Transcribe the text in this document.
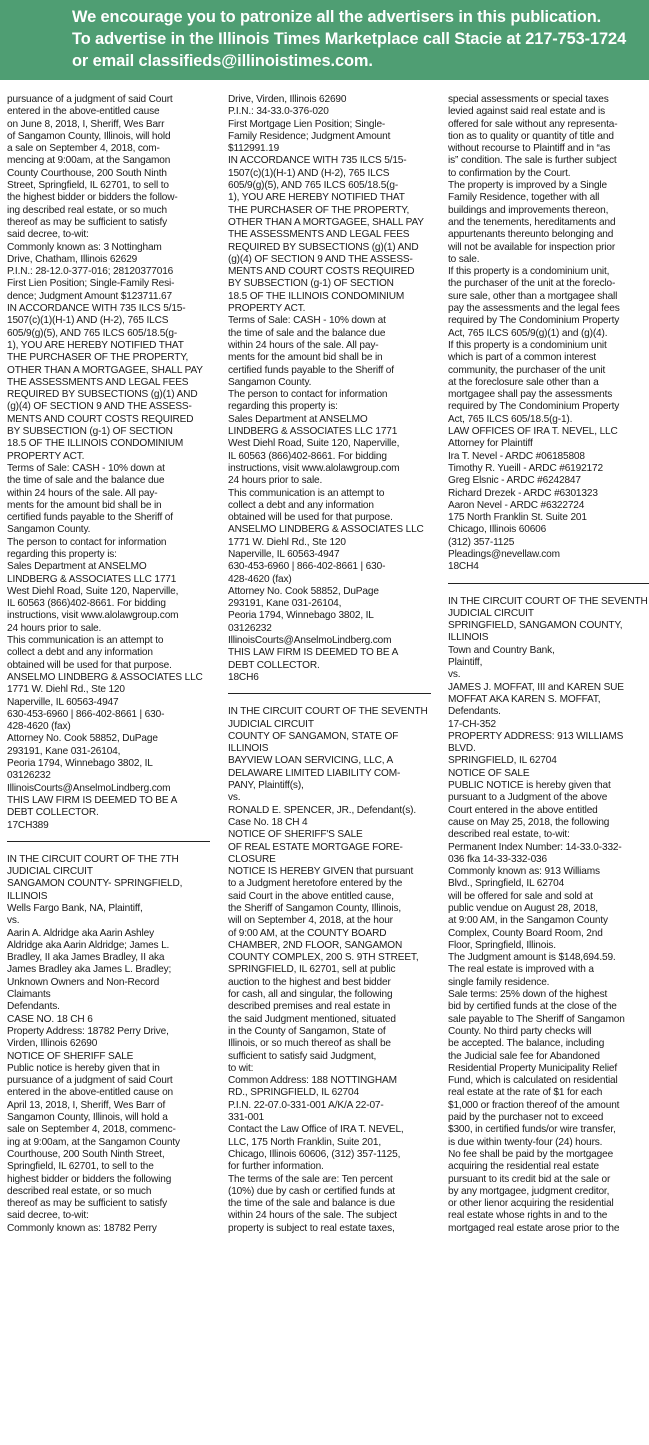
We encourage you to patronize all the advertisers in this publication.
To advertise in the Illinois Times Marketplace call Stacie at 217-753-1724
or email classifieds@illinoistimes.com.
pursuance of a judgment of said Court
entered in the above-entitled cause
on June 8, 2018, I, Sheriff, Wes Barr
of Sangamon County, Illinois, will hold
a sale on September 4, 2018, com-
mencing at 9:00am, at the Sangamon
County Courthouse, 200 South Ninth
Street, Springfield, IL 62701, to sell to
the highest bidder or bidders the follow-
ing described real estate, or so much
thereof as may be sufficient to satisfy
said decree, to-wit:
Commonly known as: 3 Nottingham
Drive, Chatham, Illinois 62629
P.I.N.: 28-12.0-377-016; 28120377016
First Lien Position; Single-Family Resi-
dence; Judgment Amount $123711.67
IN ACCORDANCE WITH 735 ILCS 5/15-
1507(c)(1)(H-1) AND (H-2), 765 ILCS
605/9(g)(5), AND 765 ILCS 605/18.5(g-
1), YOU ARE HEREBY NOTIFIED THAT
THE PURCHASER OF THE PROPERTY,
OTHER THAN A MORTGAGEE, SHALL PAY
THE ASSESSMENTS AND LEGAL FEES
REQUIRED BY SUBSECTIONS (g)(1) AND
(g)(4) OF SECTION 9 AND THE ASSESS-
MENTS AND COURT COSTS REQUIRED
BY SUBSECTION (g-1) OF SECTION
18.5 OF THE ILLINOIS CONDOMINIUM
PROPERTY ACT.
Terms of Sale: CASH - 10% down at
the time of sale and the balance due
within 24 hours of the sale. All pay-
ments for the amount bid shall be in
certified funds payable to the Sheriff of
Sangamon County.
The person to contact for information
regarding this property is:
Sales Department at ANSELMO
LINDBERG & ASSOCIATES LLC 1771
West Diehl Road, Suite 120, Naperville,
IL 60563 (866)402-8661. For bidding
instructions, visit www.alolawgroup.com
24 hours prior to sale.
This communication is an attempt to
collect a debt and any information
obtained will be used for that purpose.
ANSELMO LINDBERG & ASSOCIATES LLC
1771 W. Diehl Rd., Ste 120
Naperville, IL 60563-4947
630-453-6960 | 866-402-8661 | 630-
428-4620 (fax)
Attorney No. Cook 58852, DuPage
293191, Kane 031-26104,
Peoria 1794, Winnebago 3802, IL
03126232
IllinoisCourts@AnselmoLindberg.com
THIS LAW FIRM IS DEEMED TO BE A
DEBT COLLECTOR.
17CH389
IN THE CIRCUIT COURT OF THE 7TH
JUDICIAL CIRCUIT
SANGAMON COUNTY- SPRINGFIELD,
ILLINOIS
Wells Fargo Bank, NA, Plaintiff,
vs.
Aarin A. Aldridge aka Aarin Ashley
Aldridge aka Aarin Aldridge; James L.
Bradley, II aka James Bradley, II aka
James Bradley aka James L. Bradley;
Unknown Owners and Non-Record
Claimants
Defendants.
CASE NO. 18 CH 6
Property Address: 18782 Perry Drive,
Virden, Illinois 62690
NOTICE OF SHERIFF SALE
Public notice is hereby given that in
pursuance of a judgment of said Court
entered in the above-entitled cause on
April 13, 2018, I, Sheriff, Wes Barr of
Sangamon County, Illinois, will hold a
sale on September 4, 2018, commenc-
ing at 9:00am, at the Sangamon County
Courthouse, 200 South Ninth Street,
Springfield, IL 62701, to sell to the
highest bidder or bidders the following
described real estate, or so much
thereof as may be sufficient to satisfy
said decree, to-wit:
Commonly known as: 18782 Perry
Drive, Virden, Illinois 62690
P.I.N.: 34-33.0-376-020
First Mortgage Lien Position; Single-
Family Residence; Judgment Amount
$112991.19
IN ACCORDANCE WITH 735 ILCS 5/15-
1507(c)(1)(H-1) AND (H-2), 765 ILCS
605/9(g)(5), AND 765 ILCS 605/18.5(g-
1), YOU ARE HEREBY NOTIFIED THAT
THE PURCHASER OF THE PROPERTY,
OTHER THAN A MORTGAGEE, SHALL PAY
THE ASSESSMENTS AND LEGAL FEES
REQUIRED BY SUBSECTIONS (g)(1) AND
(g)(4) OF SECTION 9 AND THE ASSESS-
MENTS AND COURT COSTS REQUIRED
BY SUBSECTION (g-1) OF SECTION
18.5 OF THE ILLINOIS CONDOMINIUM
PROPERTY ACT.
Terms of Sale: CASH - 10% down at
the time of sale and the balance due
within 24 hours of the sale. All pay-
ments for the amount bid shall be in
certified funds payable to the Sheriff of
Sangamon County.
The person to contact for information
regarding this property is:
Sales Department at ANSELMO
LINDBERG & ASSOCIATES LLC 1771
West Diehl Road, Suite 120, Naperville,
IL 60563 (866)402-8661. For bidding
instructions, visit www.alolawgroup.com
24 hours prior to sale.
This communication is an attempt to
collect a debt and any information
obtained will be used for that purpose.
ANSELMO LINDBERG & ASSOCIATES LLC
1771 W. Diehl Rd., Ste 120
Naperville, IL 60563-4947
630-453-6960 | 866-402-8661 | 630-
428-4620 (fax)
Attorney No. Cook 58852, DuPage
293191, Kane 031-26104,
Peoria 1794, Winnebago 3802, IL
03126232
IllinoisCourts@AnselmoLindberg.com
THIS LAW FIRM IS DEEMED TO BE A
DEBT COLLECTOR.
18CH6
IN THE CIRCUIT COURT OF THE SEVENTH
JUDICIAL CIRCUIT
COUNTY OF SANGAMON, STATE OF
ILLINOIS
BAYVIEW LOAN SERVICING, LLC, A
DELAWARE LIMITED LIABILITY COM-
PANY, Plaintiff(s),
vs.
RONALD E. SPENCER, JR., Defendant(s).
Case No. 18 CH 4
NOTICE OF SHERIFF'S SALE
OF REAL ESTATE MORTGAGE FORE-
CLOSURE
NOTICE IS HEREBY GIVEN that pursuant
to a Judgment heretofore entered by the
said Court in the above entitled cause,
the Sheriff of Sangamon County, Illinois,
will on September 4, 2018, at the hour
of 9:00 AM, at the COUNTY BOARD
CHAMBER, 2ND FLOOR, SANGAMON
COUNTY COMPLEX, 200 S. 9TH STREET,
SPRINGFIELD, IL 62701, sell at public
auction to the highest and best bidder
for cash, all and singular, the following
described premises and real estate in
the said Judgment mentioned, situated
in the County of Sangamon, State of
Illinois, or so much thereof as shall be
sufficient to satisfy said Judgment,
to wit:
Common Address: 188 NOTTINGHAM
RD., SPRINGFIELD, IL 62704
P.I.N. 22-07.0-331-001 A/K/A 22-07-
331-001
Contact the Law Office of IRA T. NEVEL,
LLC, 175 North Franklin, Suite 201,
Chicago, Illinois 60606, (312) 357-1125,
for further information.
The terms of the sale are: Ten percent
(10%) due by cash or certified funds at
the time of the sale and balance is due
within 24 hours of the sale. The subject
property is subject to real estate taxes,
special assessments or special taxes
levied against said real estate and is
offered for sale without any representa-
tion as to quality or quantity of title and
without recourse to Plaintiff and in “as
is” condition. The sale is further subject
to confirmation by the Court.
The property is improved by a Single
Family Residence, together with all
buildings and improvements thereon,
and the tenements, hereditaments and
appurtenants thereunto belonging and
will not be available for inspection prior
to sale.
If this property is a condominium unit,
the purchaser of the unit at the foreclo-
sure sale, other than a mortgagee shall
pay the assessments and the legal fees
required by The Condominium Property
Act, 765 ILCS 605/9(g)(1) and (g)(4).
If this property is a condominium unit
which is part of a common interest
community, the purchaser of the unit
at the foreclosure sale other than a
mortgagee shall pay the assessments
required by The Condominium Property
Act, 765 ILCS 605/18.5(g-1).
LAW OFFICES OF IRA T. NEVEL, LLC
Attorney for Plaintiff
Ira T. Nevel - ARDC #06185808
Timothy R. Yueill - ARDC #6192172
Greg Elsnic - ARDC #6242847
Richard Drezek - ARDC #6301323
Aaron Nevel - ARDC #6322724
175 North Franklin St. Suite 201
Chicago, Illinois 60606
(312) 357-1125
Pleadings@nevellaw.com
18CH4
IN THE CIRCUIT COURT OF THE SEVENTH
JUDICIAL CIRCUIT
SPRINGFIELD, SANGAMON COUNTY,
ILLINOIS
Town and Country Bank,
Plaintiff,
vs.
JAMES J. MOFFAT, III and KAREN SUE
MOFFAT AKA KAREN S. MOFFAT,
Defendants.
17-CH-352
PROPERTY ADDRESS: 913 WILLIAMS
BLVD.
SPRINGFIELD, IL 62704
NOTICE OF SALE
PUBLIC NOTICE is hereby given that
pursuant to a Judgment of the above
Court entered in the above entitled
cause on May 25, 2018, the following
described real estate, to-wit:
Permanent Index Number: 14-33.0-332-
036 fka 14-33-332-036
Commonly known as: 913 Williams
Blvd., Springfield, IL 62704
will be offered for sale and sold at
public vendue on August 28, 2018,
at 9:00 AM, in the Sangamon County
Complex, County Board Room, 2nd
Floor, Springfield, Illinois.
The Judgment amount is $148,694.59.
The real estate is improved with a
single family residence.
Sale terms: 25% down of the highest
bid by certified funds at the close of the
sale payable to The Sheriff of Sangamon
County. No third party checks will
be accepted. The balance, including
the Judicial sale fee for Abandoned
Residential Property Municipality Relief
Fund, which is calculated on residential
real estate at the rate of $1 for each
$1,000 or fraction thereof of the amount
paid by the purchaser not to exceed
$300, in certified funds/or wire transfer,
is due within twenty-four (24) hours.
No fee shall be paid by the mortgagee
acquiring the residential real estate
pursuant to its credit bid at the sale or
by any mortgagee, judgment creditor,
or other lienor acquiring the residential
real estate whose rights in and to the
mortgaged real estate arose prior to the
